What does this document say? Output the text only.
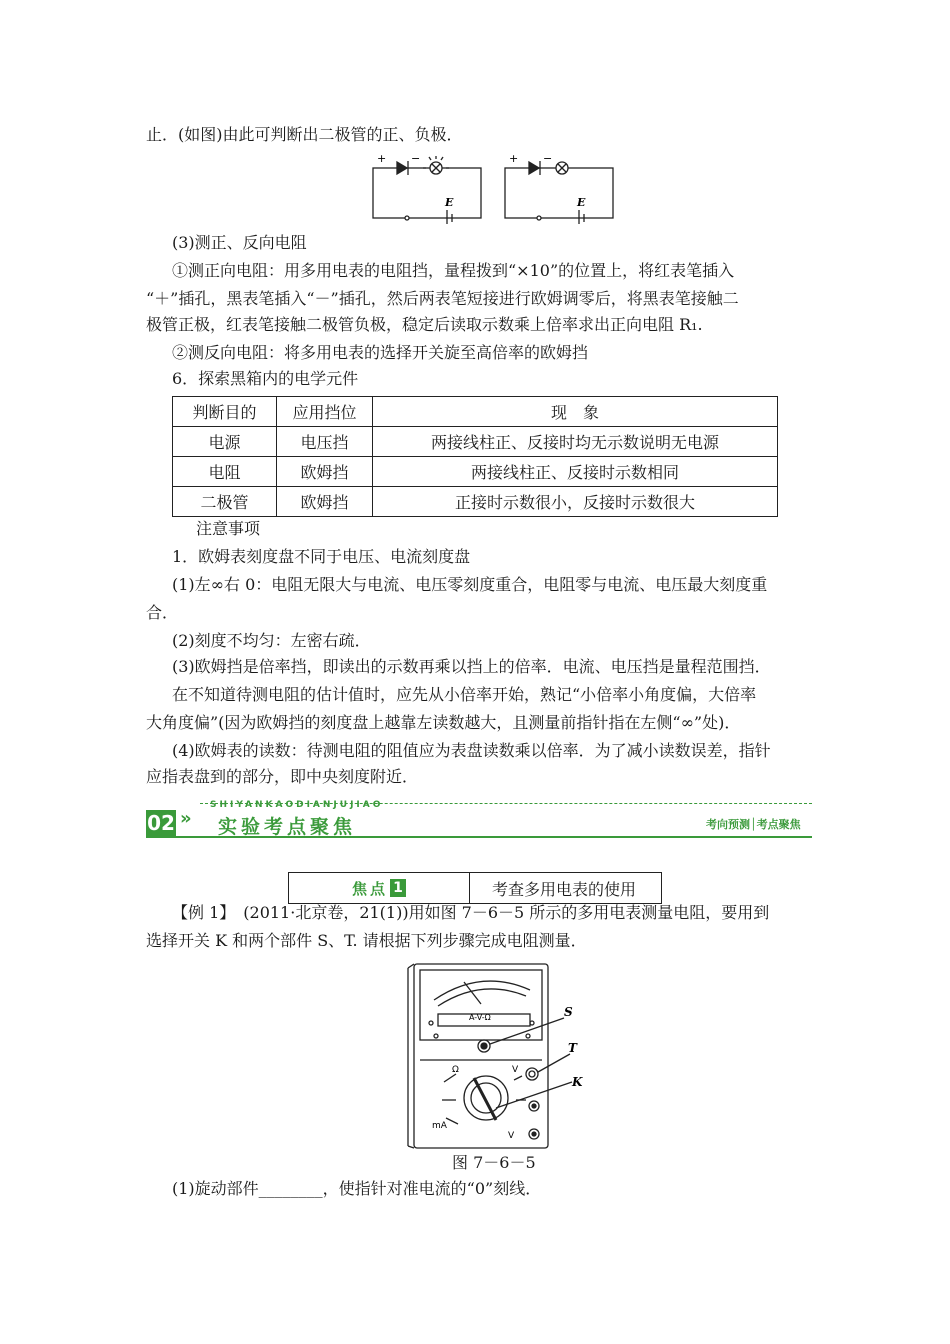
止．(如图)由此可判断出二极管的正、负极．
+ −
E
+ −
E
(3)测正、反向电阻
①测正向电阻：用多用电表的电阻挡，量程拨到“×10”的位置上，将红表笔插入
“＋”插孔，黑表笔插入“－”插孔，然后两表笔短接进行欧姆调零后，将黑表笔接触二
极管正极，红表笔接触二极管负极，稳定后读取示数乘上倍率求出正向电阻 R₁.
②测反向电阻：将多用电表的选择开关旋至高倍率的欧姆挡
6．探索黑箱内的电学元件
判断目的	应用挡位	现　象
电源	电压挡	两接线柱正、反接时均无示数说明无电源
电阻	欧姆挡	两接线柱正、反接时示数相同
二极管	欧姆挡	正接时示数很小，反接时示数很大
注意事项
1．欧姆表刻度盘不同于电压、电流刻度盘
(1)左∞右 0：电阻无限大与电流、电压零刻度重合，电阻零与电流、电压最大刻度重
合．
(2)刻度不均匀：左密右疏．
(3)欧姆挡是倍率挡，即读出的示数再乘以挡上的倍率．电流、电压挡是量程范围挡．
在不知道待测电阻的估计值时，应先从小倍率开始，熟记“小倍率小角度偏，大倍率
大角度偏”(因为欧姆挡的刻度盘上越靠左读数越大，且测量前指针指在左侧“∞”处)．
(4)欧姆表的读数：待测电阻的阻值应为表盘读数乘以倍率．为了减小读数误差，指针
应指表盘到的部分，即中央刻度附近．
02 »
SHIYANKAODIANJUJIAO
实验考点聚焦	考向预测│考点聚焦
焦点 1	考查多用电表的使用
【例 1】　(2011·北京卷，21(1))用如图 7－6－5 所示的多用电表测量电阻，要用到
选择开关 K 和两个部件 S、T. 请根据下列步骤完成电阻测量．
A-V-Ω	S
T
K
Ω	V
V
mA
图 7－6－5
(1)旋动部件________，使指针对准电流的“0”刻线．
